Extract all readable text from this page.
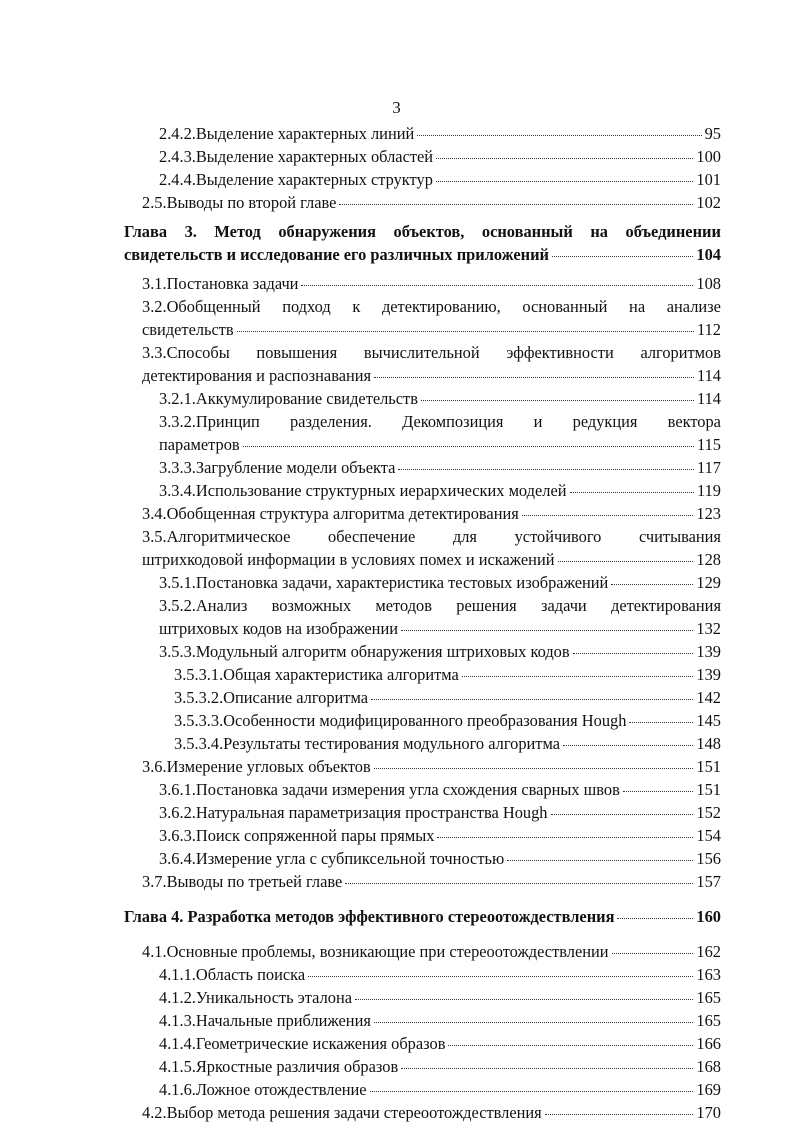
3
2.4.2.Выделение характерных линий	95
2.4.3.Выделение характерных областей	100
2.4.4.Выделение характерных структур	101
2.5.Выводы по второй главе	102
Глава 3. Метод обнаружения объектов, основанный на объединении
свидетельств и исследование его различных приложений	104
3.1.Постановка задачи	108
3.2.Обобщенный подход к детектированию, основанный на анализе
свидетельств	112
3.3.Способы повышения вычислительной эффективности алгоритмов
детектирования и распознавания	114
3.2.1.Аккумулирование свидетельств	114
3.3.2.Принцип разделения. Декомпозиция и редукция вектора
параметров	115
3.3.3.Загрубление модели объекта	117
3.3.4.Использование структурных иерархических моделей	119
3.4.Обобщенная структура алгоритма детектирования	123
3.5.Алгоритмическое обеспечение для устойчивого считывания
штрихкодовой информации в условиях помех и искажений	128
3.5.1.Постановка задачи, характеристика тестовых изображений	129
3.5.2.Анализ возможных методов решения задачи детектирования
штриховых кодов на изображении	132
3.5.3.Модульный алгоритм обнаружения штриховых кодов	139
3.5.3.1.Общая характеристика алгоритма	139
3.5.3.2.Описание алгоритма	142
3.5.3.3.Особенности модифицированного преобразования Hough	145
3.5.3.4.Результаты тестирования модульного алгоритма	148
3.6.Измерение угловых объектов	151
3.6.1.Постановка задачи измерения угла схождения сварных швов	151
3.6.2.Натуральная параметризация пространства Hough	152
3.6.3.Поиск сопряженной пары прямых	154
3.6.4.Измерение угла с субпиксельной точностью	156
3.7.Выводы по третьей главе	157
Глава 4. Разработка методов эффективного стереоотождествления	160
4.1.Основные проблемы, возникающие при стереоотождествлении	162
4.1.1.Область поиска	163
4.1.2.Уникальность эталона	165
4.1.3.Начальные приближения	165
4.1.4.Геометрические искажения образов	166
4.1.5.Яркостные различия образов	168
4.1.6.Ложное отождествление	169
4.2.Выбор метода решения задачи стереоотождествления	170
